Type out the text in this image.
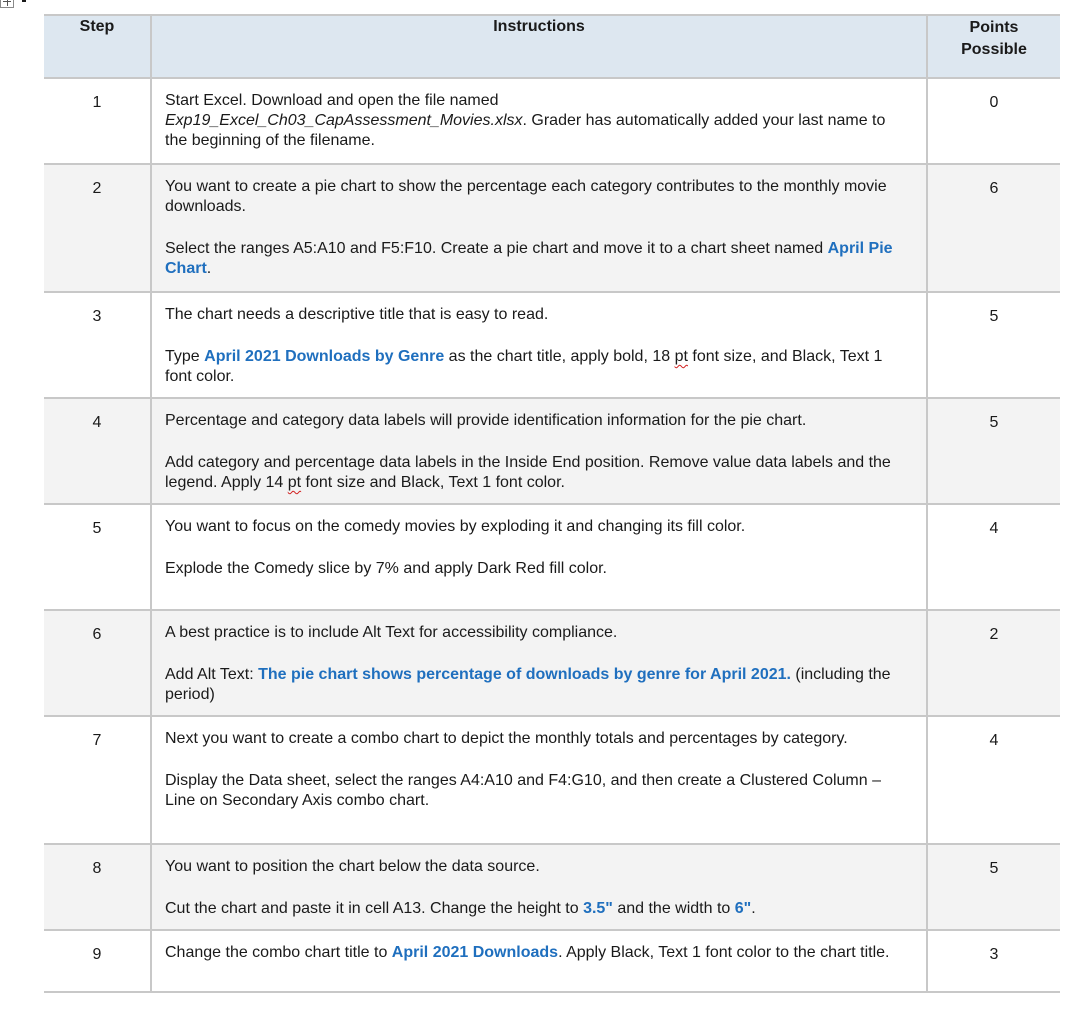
Step	Instructions	Points
Possible
1	Start Excel. Download and open the file named
Exp19_Excel_Ch03_CapAssessment_Movies.xlsx. Grader has automatically added your last name to the beginning of the filename.	0
2	You want to create a pie chart to show the percentage each category contributes to the monthly movie downloads.

Select the ranges A5:A10 and F5:F10. Create a pie chart and move it to a chart sheet named April Pie Chart.	6
3	The chart needs a descriptive title that is easy to read.

Type April 2021 Downloads by Genre as the chart title, apply bold, 18 pt font size, and Black, Text 1 font color.	5
4	Percentage and category data labels will provide identification information for the pie chart.

Add category and percentage data labels in the Inside End position. Remove value data labels and the legend. Apply 14 pt font size and Black, Text 1 font color.	5
5	You want to focus on the comedy movies by exploding it and changing its fill color.

Explode the Comedy slice by 7% and apply Dark Red fill color.	4
6	A best practice is to include Alt Text for accessibility compliance.

Add Alt Text: The pie chart shows percentage of downloads by genre for April 2021. (including the period)	2
7	Next you want to create a combo chart to depict the monthly totals and percentages by category.

Display the Data sheet, select the ranges A4:A10 and F4:G10, and then create a Clustered Column – Line on Secondary Axis combo chart.	4
8	You want to position the chart below the data source.

Cut the chart and paste it in cell A13. Change the height to 3.5" and the width to 6".	5
9	Change the combo chart title to April 2021 Downloads. Apply Black, Text 1 font color to the chart title.	3
